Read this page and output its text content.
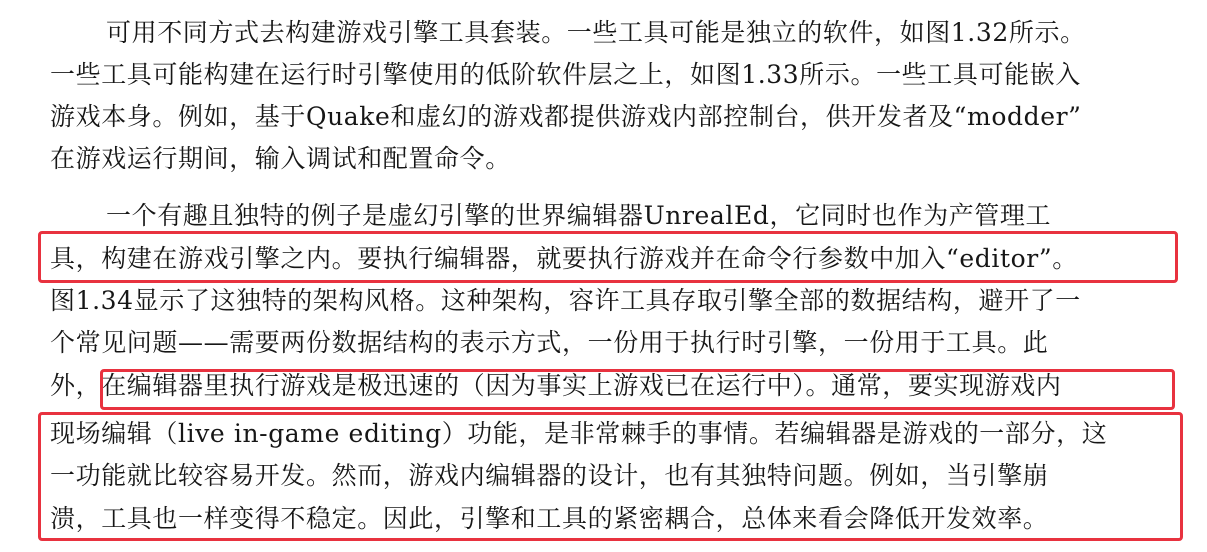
可用不同方式去构建游戏引擎工具套装。一些工具可能是独立的软件，如图1.32所示。
一些工具可能构建在运行时引擎使用的低阶软件层之上，如图1.33所示。一些工具可能嵌入
游戏本身。例如，基于Quake和虚幻的游戏都提供游戏内部控制台，供开发者及“modder”
在游戏运行期间，输入调试和配置命令。
一个有趣且独特的例子是虚幻引擎的世界编辑器UnrealEd，它同时也作为产管理工
具，构建在游戏引擎之内。要执行编辑器，就要执行游戏并在命令行参数中加入“editor”。
图1.34显示了这独特的架构风格。这种架构，容许工具存取引擎全部的数据结构，避开了一
个常见问题——需要两份数据结构的表示方式，一份用于执行时引擎，一份用于工具。此
外，在编辑器里执行游戏是极迅速的（因为事实上游戏已在运行中）。通常，要实现游戏内
现场编辑（live in-game editing）功能，是非常棘手的事情。若编辑器是游戏的一部分，这
一功能就比较容易开发。然而，游戏内编辑器的设计，也有其独特问题。例如，当引擎崩
溃，工具也一样变得不稳定。因此，引擎和工具的紧密耦合，总体来看会降低开发效率。
